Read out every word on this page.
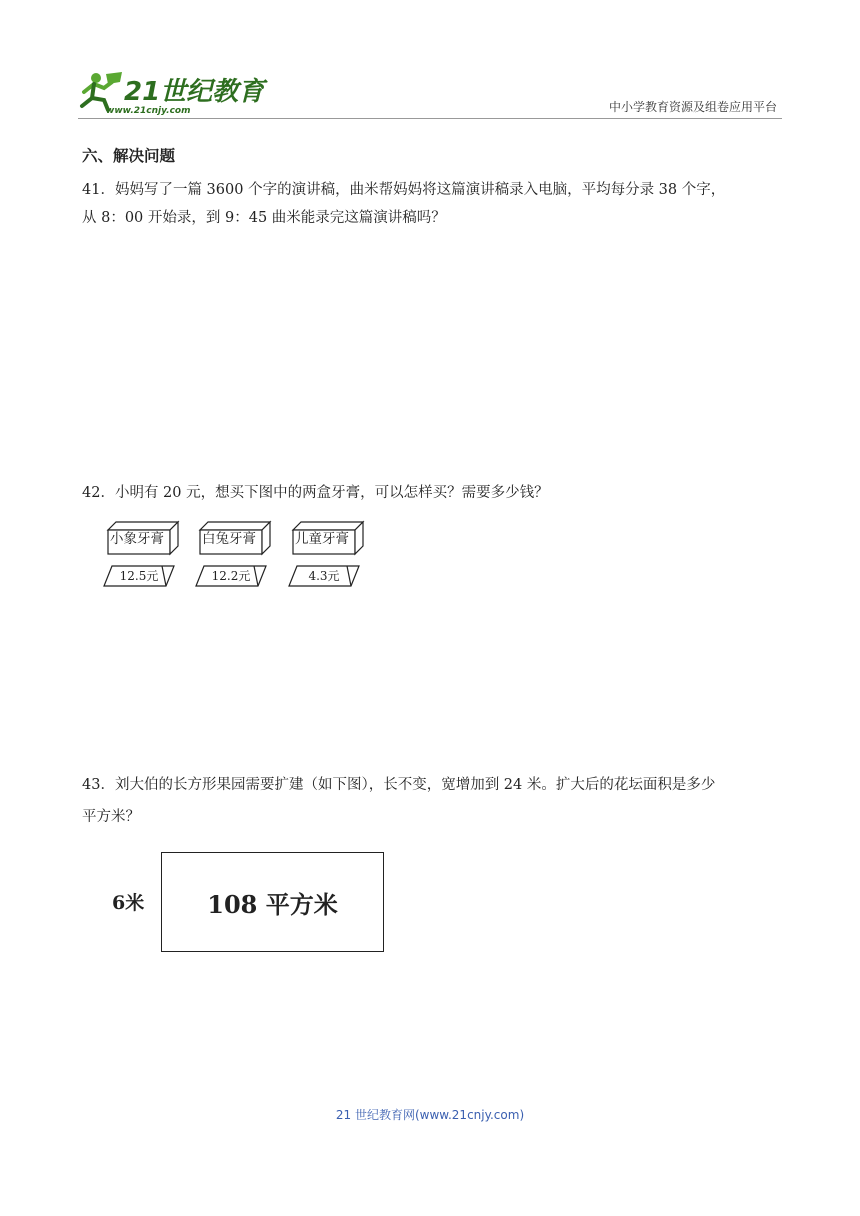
21世纪教育
www.21cnjy.com	中小学教育资源及组卷应用平台
六、解决问题
41．妈妈写了一篇 3600 个字的演讲稿，曲米帮妈妈将这篇演讲稿录入电脑，平均每分录 38 个字，
从 8：00 开始录，到 9：45 曲米能录完这篇演讲稿吗？
42．小明有 20 元，想买下图中的两盒牙膏，可以怎样买？需要多少钱？
小象牙膏
12.5元
白兔牙膏
12.2元
儿童牙膏
4.3元
43．刘大伯的长方形果园需要扩建（如下图），长不变，宽增加到 24 米。扩大后的花坛面积是多少
平方米？
6米	108 平方米
21 世纪教育网(www.21cnjy.com)
